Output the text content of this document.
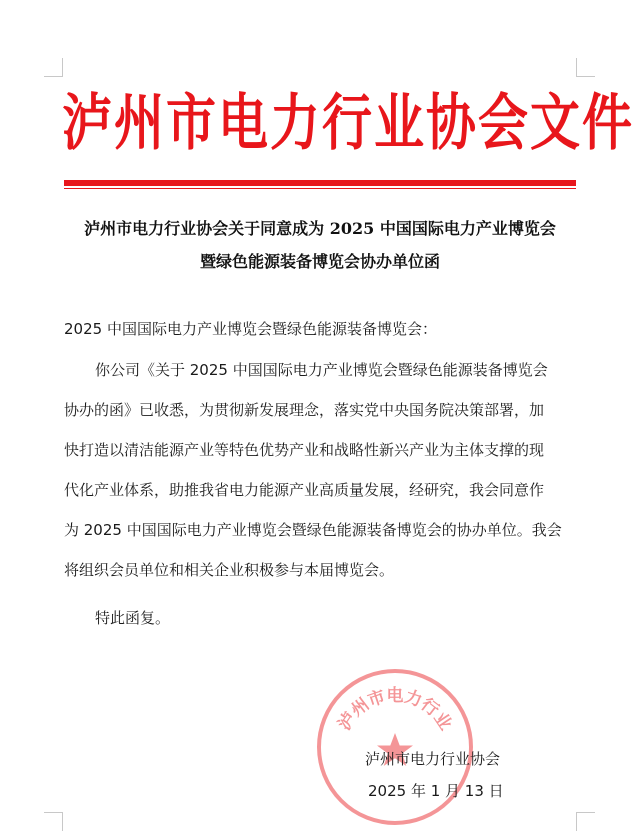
泸州市电力行业协会文件
泸州市电力行业协会关于同意成为 2025 中国国际电力产业博览会
暨绿色能源装备博览会协办单位函
2025 中国国际电力产业博览会暨绿色能源装备博览会：
你公司《关于 2025 中国国际电力产业博览会暨绿色能源装备博览会
协办的函》已收悉，为贯彻新发展理念，落实党中央国务院决策部署，加
快打造以清洁能源产业等特色优势产业和战略性新兴产业为主体支撑的现
代化产业体系，助推我省电力能源产业高质量发展，经研究，我会同意作
为 2025 中国国际电力产业博览会暨绿色能源装备博览会的协办单位。我会
将组织会员单位和相关企业积极参与本届博览会。
特此函复。
泸州市电力行业
泸州市电力行业协会
2025 年 1 月 13 日
